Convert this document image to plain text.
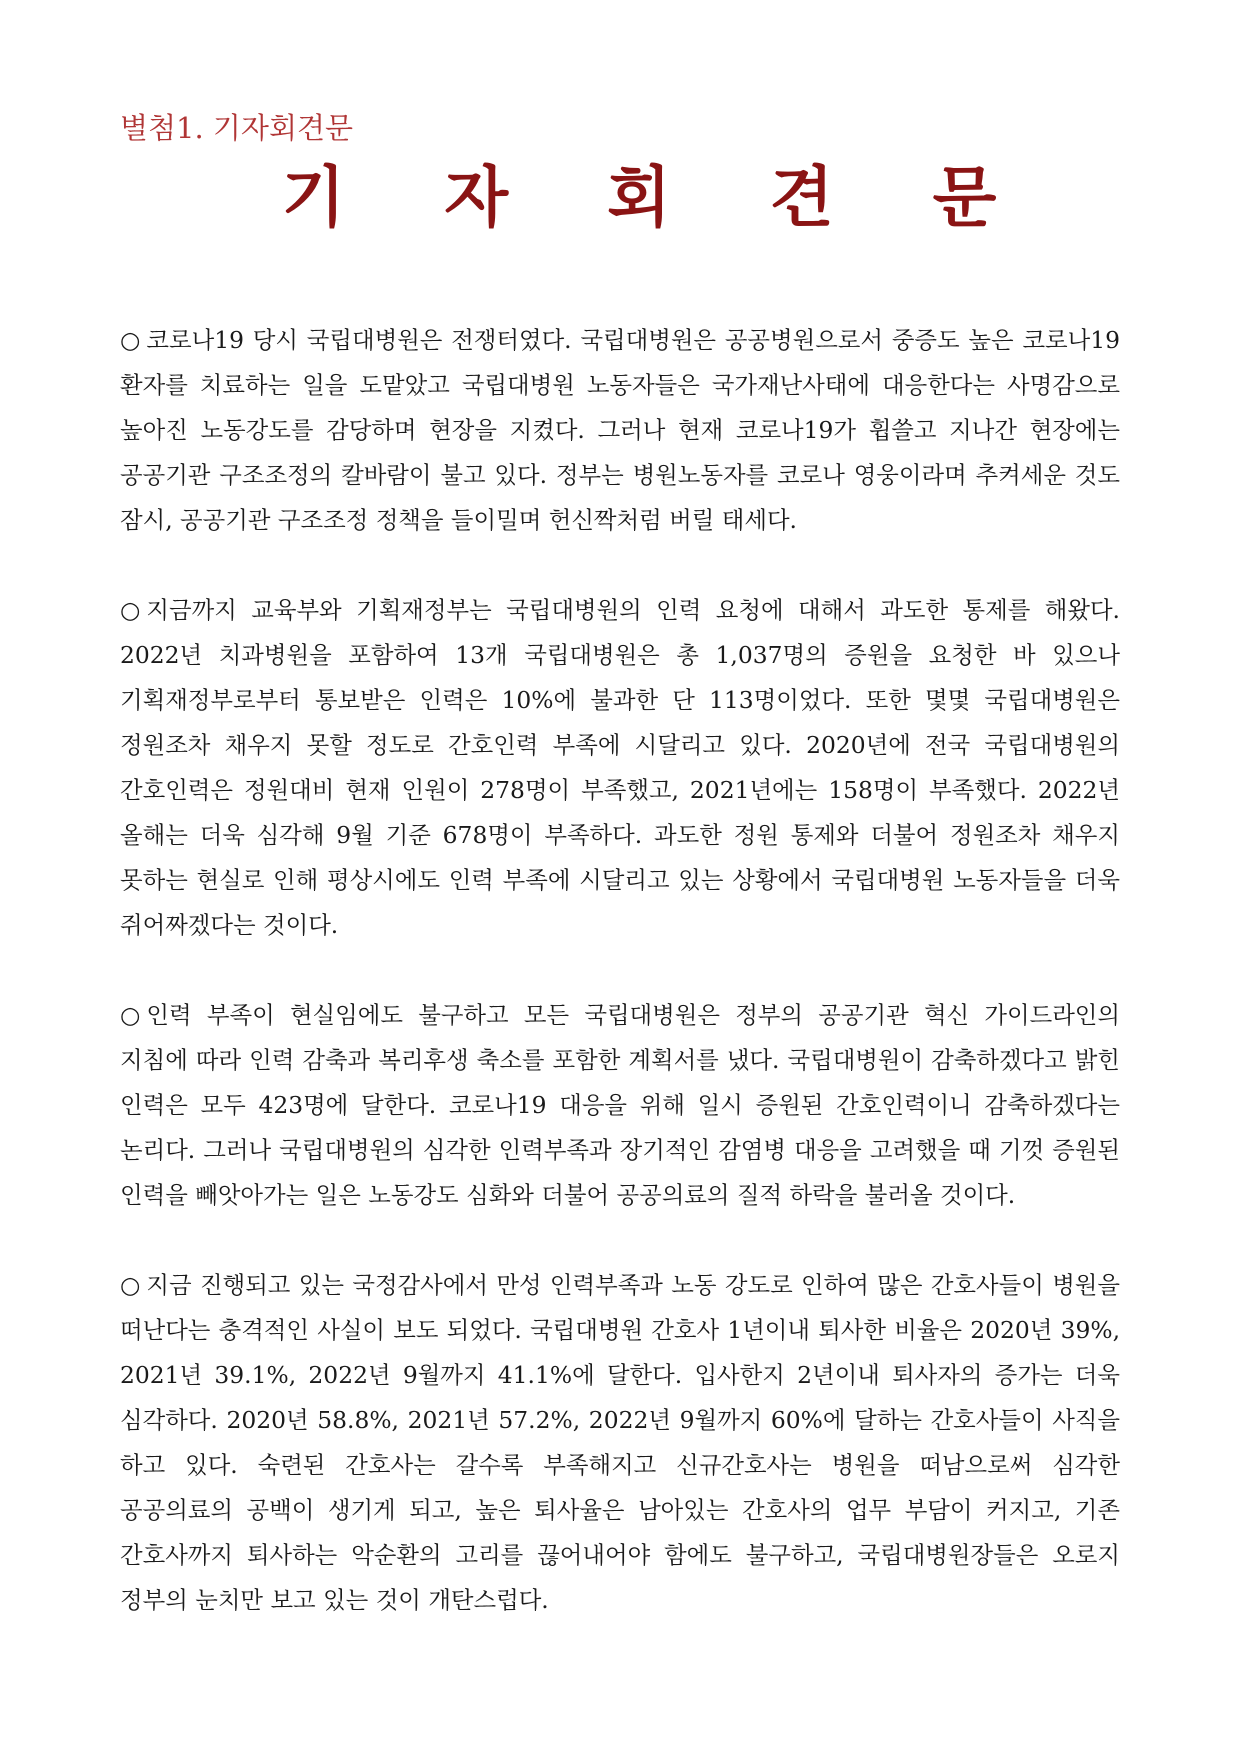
별첨1. 기자회견문
기 자 회 견 문

○ 코로나19 당시 국립대병원은 전쟁터였다. 국립대병원은 공공병원으로서 중증도 높은 코로나19 환자를 치료하는 일을 도맡았고 국립대병원 노동자들은 국가재난사태에 대응한다는 사명감으로 높아진 노동강도를 감당하며 현장을 지켰다. 그러나 현재 코로나19가 휩쓸고 지나간 현장에는 공공기관 구조조정의 칼바람이 불고 있다. 정부는 병원노동자를 코로나 영웅이라며 추켜세운 것도 잠시, 공공기관 구조조정 정책을 들이밀며 헌신짝처럼 버릴 태세다.

○ 지금까지 교육부와 기획재정부는 국립대병원의 인력 요청에 대해서 과도한 통제를 해왔다. 2022년 치과병원을 포함하여 13개 국립대병원은 총 1,037명의 증원을 요청한 바 있으나 기획재정부로부터 통보받은 인력은 10%에 불과한 단 113명이었다. 또한 몇몇 국립대병원은 정원조차 채우지 못할 정도로 간호인력 부족에 시달리고 있다. 2020년에 전국 국립대병원의 간호인력은 정원대비 현재 인원이 278명이 부족했고, 2021년에는 158명이 부족했다. 2022년 올해는 더욱 심각해 9월 기준 678명이 부족하다. 과도한 정원 통제와 더불어 정원조차 채우지 못하는 현실로 인해 평상시에도 인력 부족에 시달리고 있는 상황에서 국립대병원 노동자들을 더욱 쥐어짜겠다는 것이다.

○ 인력 부족이 현실임에도 불구하고 모든 국립대병원은 정부의 공공기관 혁신 가이드라인의 지침에 따라 인력 감축과 복리후생 축소를 포함한 계획서를 냈다. 국립대병원이 감축하겠다고 밝힌 인력은 모두 423명에 달한다. 코로나19 대응을 위해 일시 증원된 간호인력이니 감축하겠다는 논리다. 그러나 국립대병원의 심각한 인력부족과 장기적인 감염병 대응을 고려했을 때 기껏 증원된 인력을 빼앗아가는 일은 노동강도 심화와 더불어 공공의료의 질적 하락을 불러올 것이다.

○ 지금 진행되고 있는 국정감사에서 만성 인력부족과 노동 강도로 인하여 많은 간호사들이 병원을 떠난다는 충격적인 사실이 보도 되었다. 국립대병원 간호사 1년이내 퇴사한 비율은 2020년 39%, 2021년 39.1%, 2022년 9월까지 41.1%에 달한다. 입사한지 2년이내 퇴사자의 증가는 더욱 심각하다. 2020년 58.8%, 2021년 57.2%, 2022년 9월까지 60%에 달하는 간호사들이 사직을 하고 있다. 숙련된 간호사는 갈수록 부족해지고 신규간호사는 병원을 떠남으로써 심각한 공공의료의 공백이 생기게 되고, 높은 퇴사율은 남아있는 간호사의 업무 부담이 커지고, 기존 간호사까지 퇴사하는 악순환의 고리를 끊어내어야 함에도 불구하고, 국립대병원장들은 오로지 정부의 눈치만 보고 있는 것이 개탄스럽다.
